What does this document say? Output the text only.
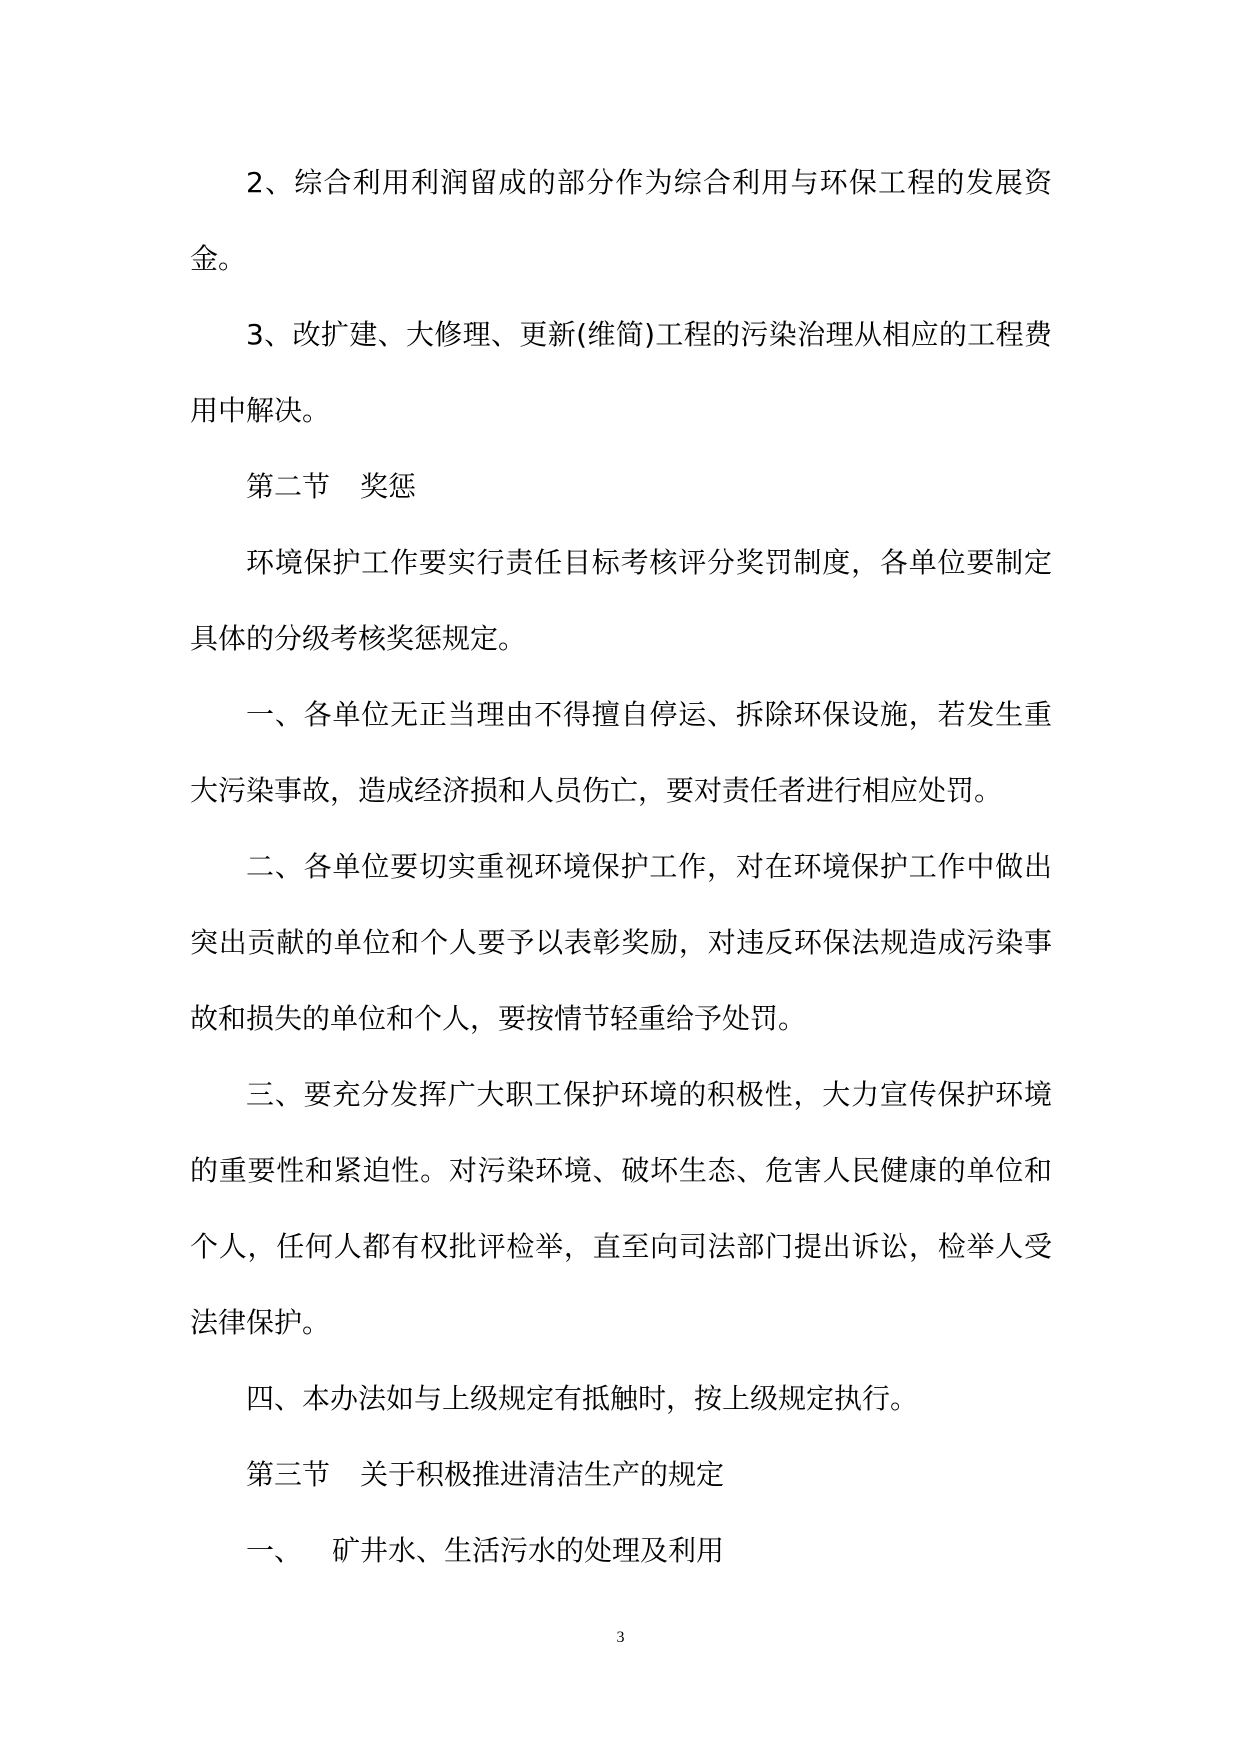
2、综合利用利润留成的部分作为综合利用与环保工程的发展资金。

3、改扩建、大修理、更新(维简)工程的污染治理从相应的工程费用中解决。

第二节 奖惩

环境保护工作要实行责任目标考核评分奖罚制度，各单位要制定具体的分级考核奖惩规定。

一、各单位无正当理由不得擅自停运、拆除环保设施，若发生重大污染事故，造成经济损和人员伤亡，要对责任者进行相应处罚。

二、各单位要切实重视环境保护工作，对在环境保护工作中做出突出贡献的单位和个人要予以表彰奖励，对违反环保法规造成污染事故和损失的单位和个人，要按情节轻重给予处罚。

三、要充分发挥广大职工保护环境的积极性，大力宣传保护环境的重要性和紧迫性。对污染环境、破坏生态、危害人民健康的单位和个人，任何人都有权批评检举，直至向司法部门提出诉讼，检举人受法律保护。

四、本办法如与上级规定有抵触时，按上级规定执行。

第三节 关于积极推进清洁生产的规定

一、 矿井水、生活污水的处理及利用

3
